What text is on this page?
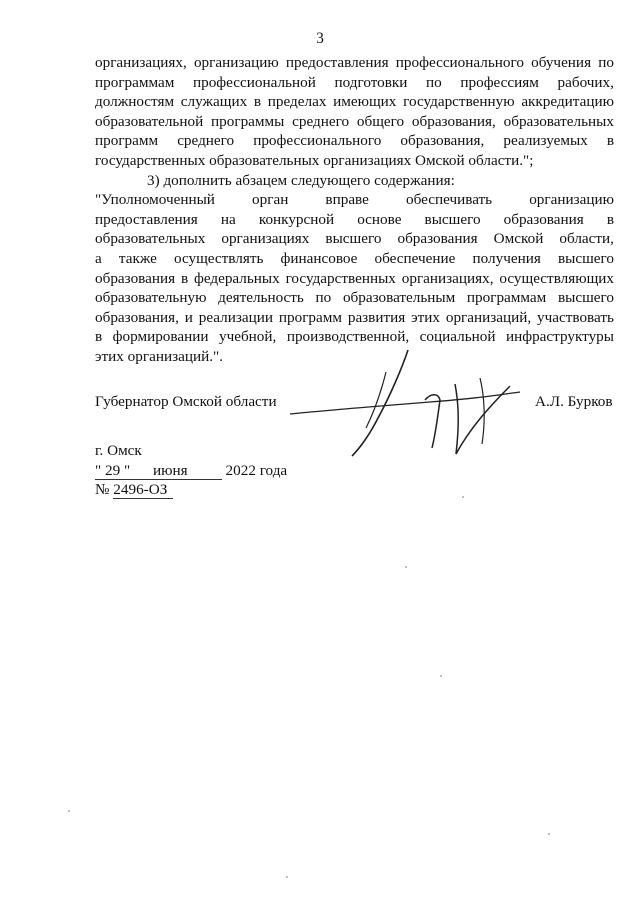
3
организациях, организацию предоставления профессионального обучения по
программам профессиональной подготовки по профессиям рабочих,
должностям служащих в пределах имеющих государственную аккредитацию
образовательной программы среднего общего образования, образовательных
программ среднего профессионального образования, реализуемых в
государственных образовательных организациях Омской области.";
3) дополнить абзацем следующего содержания:
"Уполномоченный орган вправе обеспечивать организацию
предоставления на конкурсной основе высшего образования в
образовательных организациях высшего образования Омской области,
а также осуществлять финансовое обеспечение получения высшего
образования в федеральных государственных организациях, осуществляющих
образовательную деятельность по образовательным программам высшего
образования, и реализации программ развития этих организаций, участвовать
в формировании учебной, производственной, социальной инфраструктуры
этих организаций.".
Губернатор Омской области	А.Л. Бурков
г. Омск
" 29 " июня 2022 года
№ 2496-ОЗ
